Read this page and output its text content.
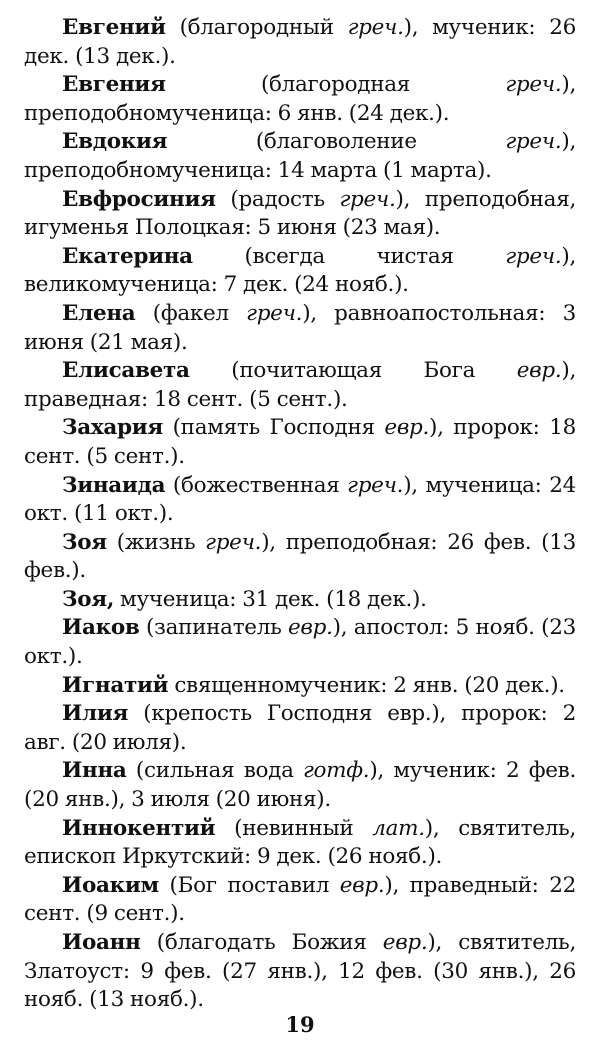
Евгений (благородный греч.), мученик: 26 дек. (13 дек.).

Евгения (благородная греч.), преподобномученица: 6 янв. (24 дек.).

Евдокия (благоволение греч.), преподобномученица: 14 марта (1 марта).

Евфросиния (радость греч.), преподобная, игуменья Полоцкая: 5 июня (23 мая).

Екатерина (всегда чистая греч.), великомученица: 7 дек. (24 нояб.).

Елена (факел греч.), равноапостольная: 3 июня (21 мая).

Елисавета (почитающая Бога евр.), праведная: 18 сент. (5 сент.).

Захария (память Господня евр.), пророк: 18 сент. (5 сент.).

Зинаида (божественная греч.), мученица: 24 окт. (11 окт.).

Зоя (жизнь греч.), преподобная: 26 фев. (13 фев.).

Зоя, мученица: 31 дек. (18 дек.).

Иаков (запинатель евр.), апостол: 5 нояб. (23 окт.).

Игнатий священномученик: 2 янв. (20 дек.).

Илия (крепость Господня евр.), пророк: 2 авг. (20 июля).

Инна (сильная вода готф.), мученик: 2 фев. (20 янв.), 3 июля (20 июня).

Иннокентий (невинный лат.), святитель, епископ Иркутский: 9 дек. (26 нояб.).

Иоаким (Бог поставил евр.), праведный: 22 сент. (9 сент.).

Иоанн (благодать Божия евр.), святитель, Златоуст: 9 фев. (27 янв.), 12 фев. (30 янв.), 26 нояб. (13 нояб.).

19
